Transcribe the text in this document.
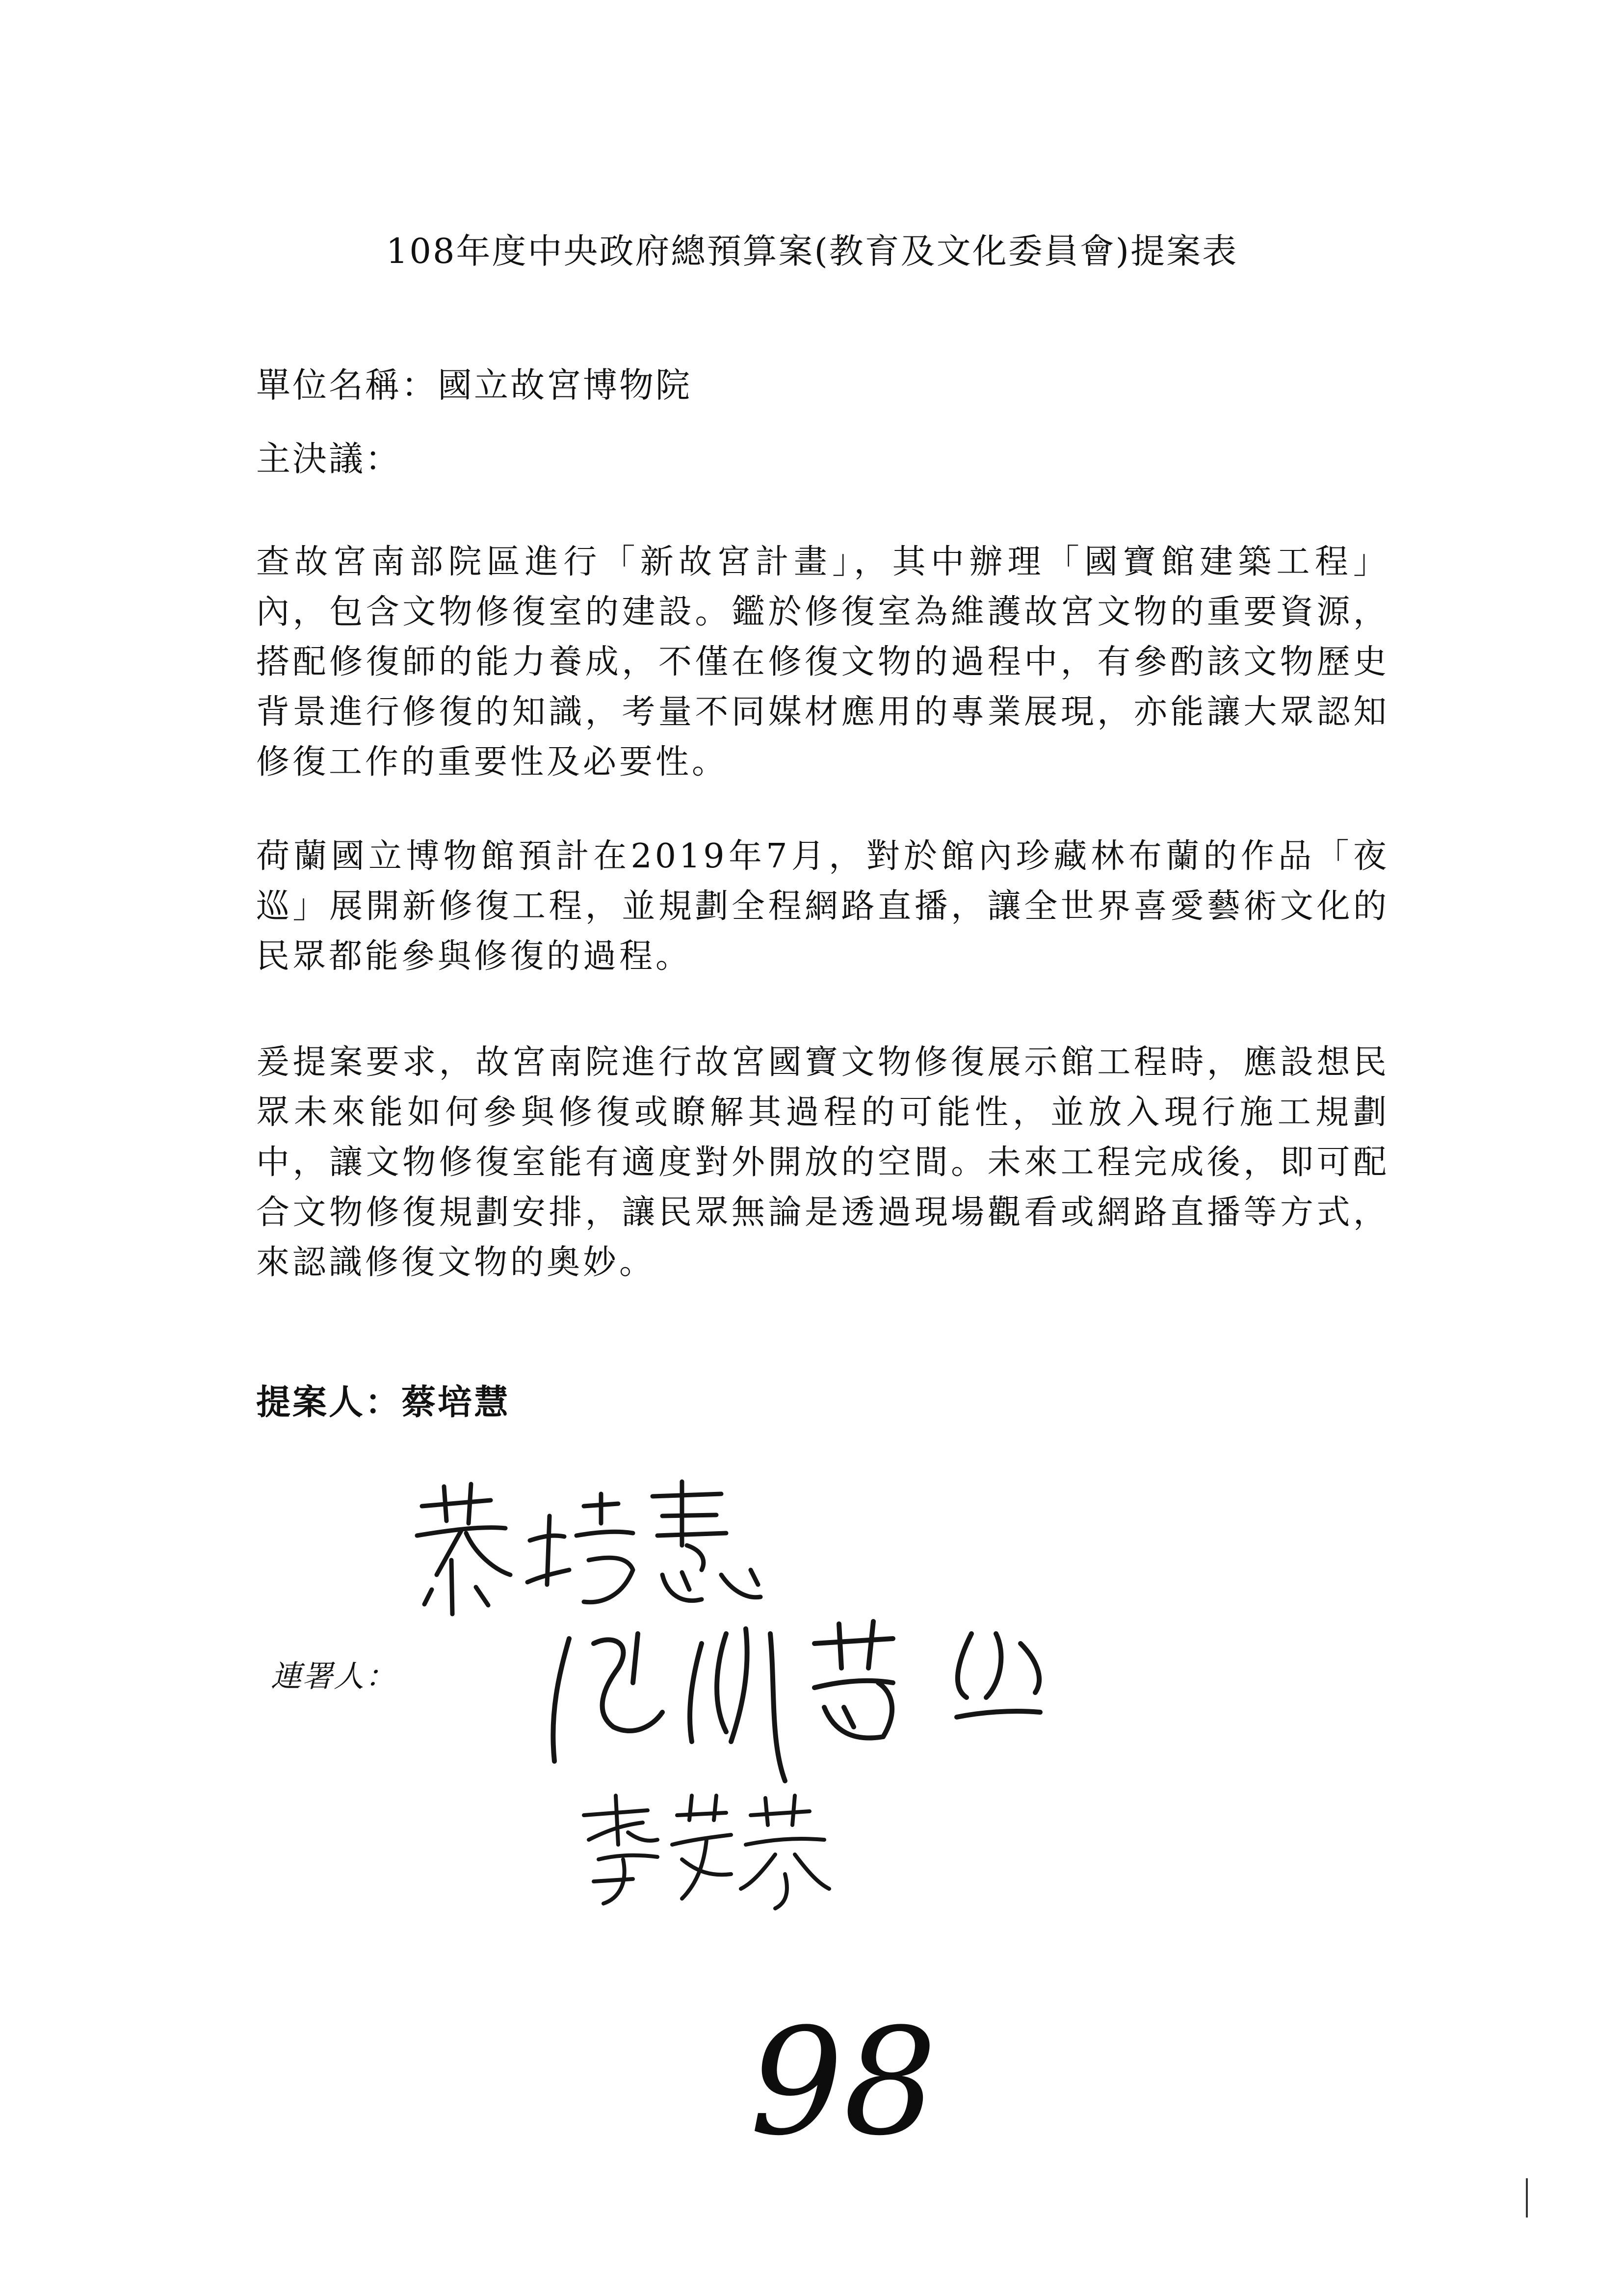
108年度中央政府總預算案(教育及文化委員會)提案表
單位名稱：國立故宮博物院
主決議：

查故宮南部院區進行「新故宮計畫」，其中辦理「國寶館建築工程」內，包含文物修復室的建設。鑑於修復室為維護故宮文物的重要資源，搭配修復師的能力養成，不僅在修復文物的過程中，有參酌該文物歷史背景進行修復的知識，考量不同媒材應用的專業展現，亦能讓大眾認知修復工作的重要性及必要性。

荷蘭國立博物館預計在2019年7月，對於館內珍藏林布蘭的作品「夜巡」展開新修復工程，並規劃全程網路直播，讓全世界喜愛藝術文化的民眾都能參與修復的過程。

爰提案要求，故宮南院進行故宮國寶文物修復展示館工程時，應設想民眾未來能如何參與修復或瞭解其過程的可能性，並放入現行施工規劃中，讓文物修復室能有適度對外開放的空間。未來工程完成後，即可配合文物修復規劃安排，讓民眾無論是透過現場觀看或網路直播等方式，來認識修復文物的奧妙。

提案人：蔡培慧
連署人：
98
